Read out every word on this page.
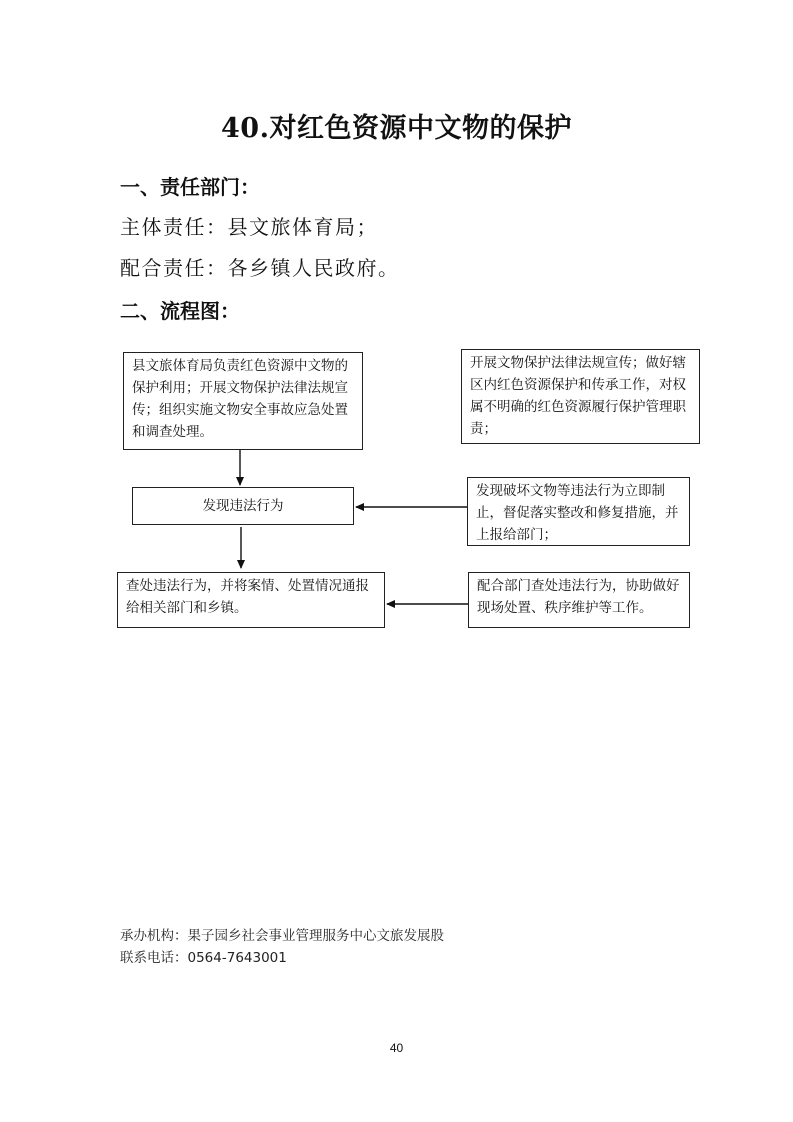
40.对红色资源中文物的保护
一、责任部门：
主体责任：县文旅体育局；
配合责任：各乡镇人民政府。
二、流程图：
县文旅体育局负责红色资源中文物的保护利用；开展文物保护法律法规宣传；组织实施文物安全事故应急处置和调查处理。
开展文物保护法律法规宣传；做好辖区内红色资源保护和传承工作，对权属不明确的红色资源履行保护管理职责；
发现违法行为
发现破坏文物等违法行为立即制止，督促落实整改和修复措施，并上报给部门；
查处违法行为，并将案情、处置情况通报给相关部门和乡镇。
配合部门查处违法行为，协助做好现场处置、秩序维护等工作。
承办机构：果子园乡社会事业管理服务中心文旅发展股
联系电话：0564-7643001
40
